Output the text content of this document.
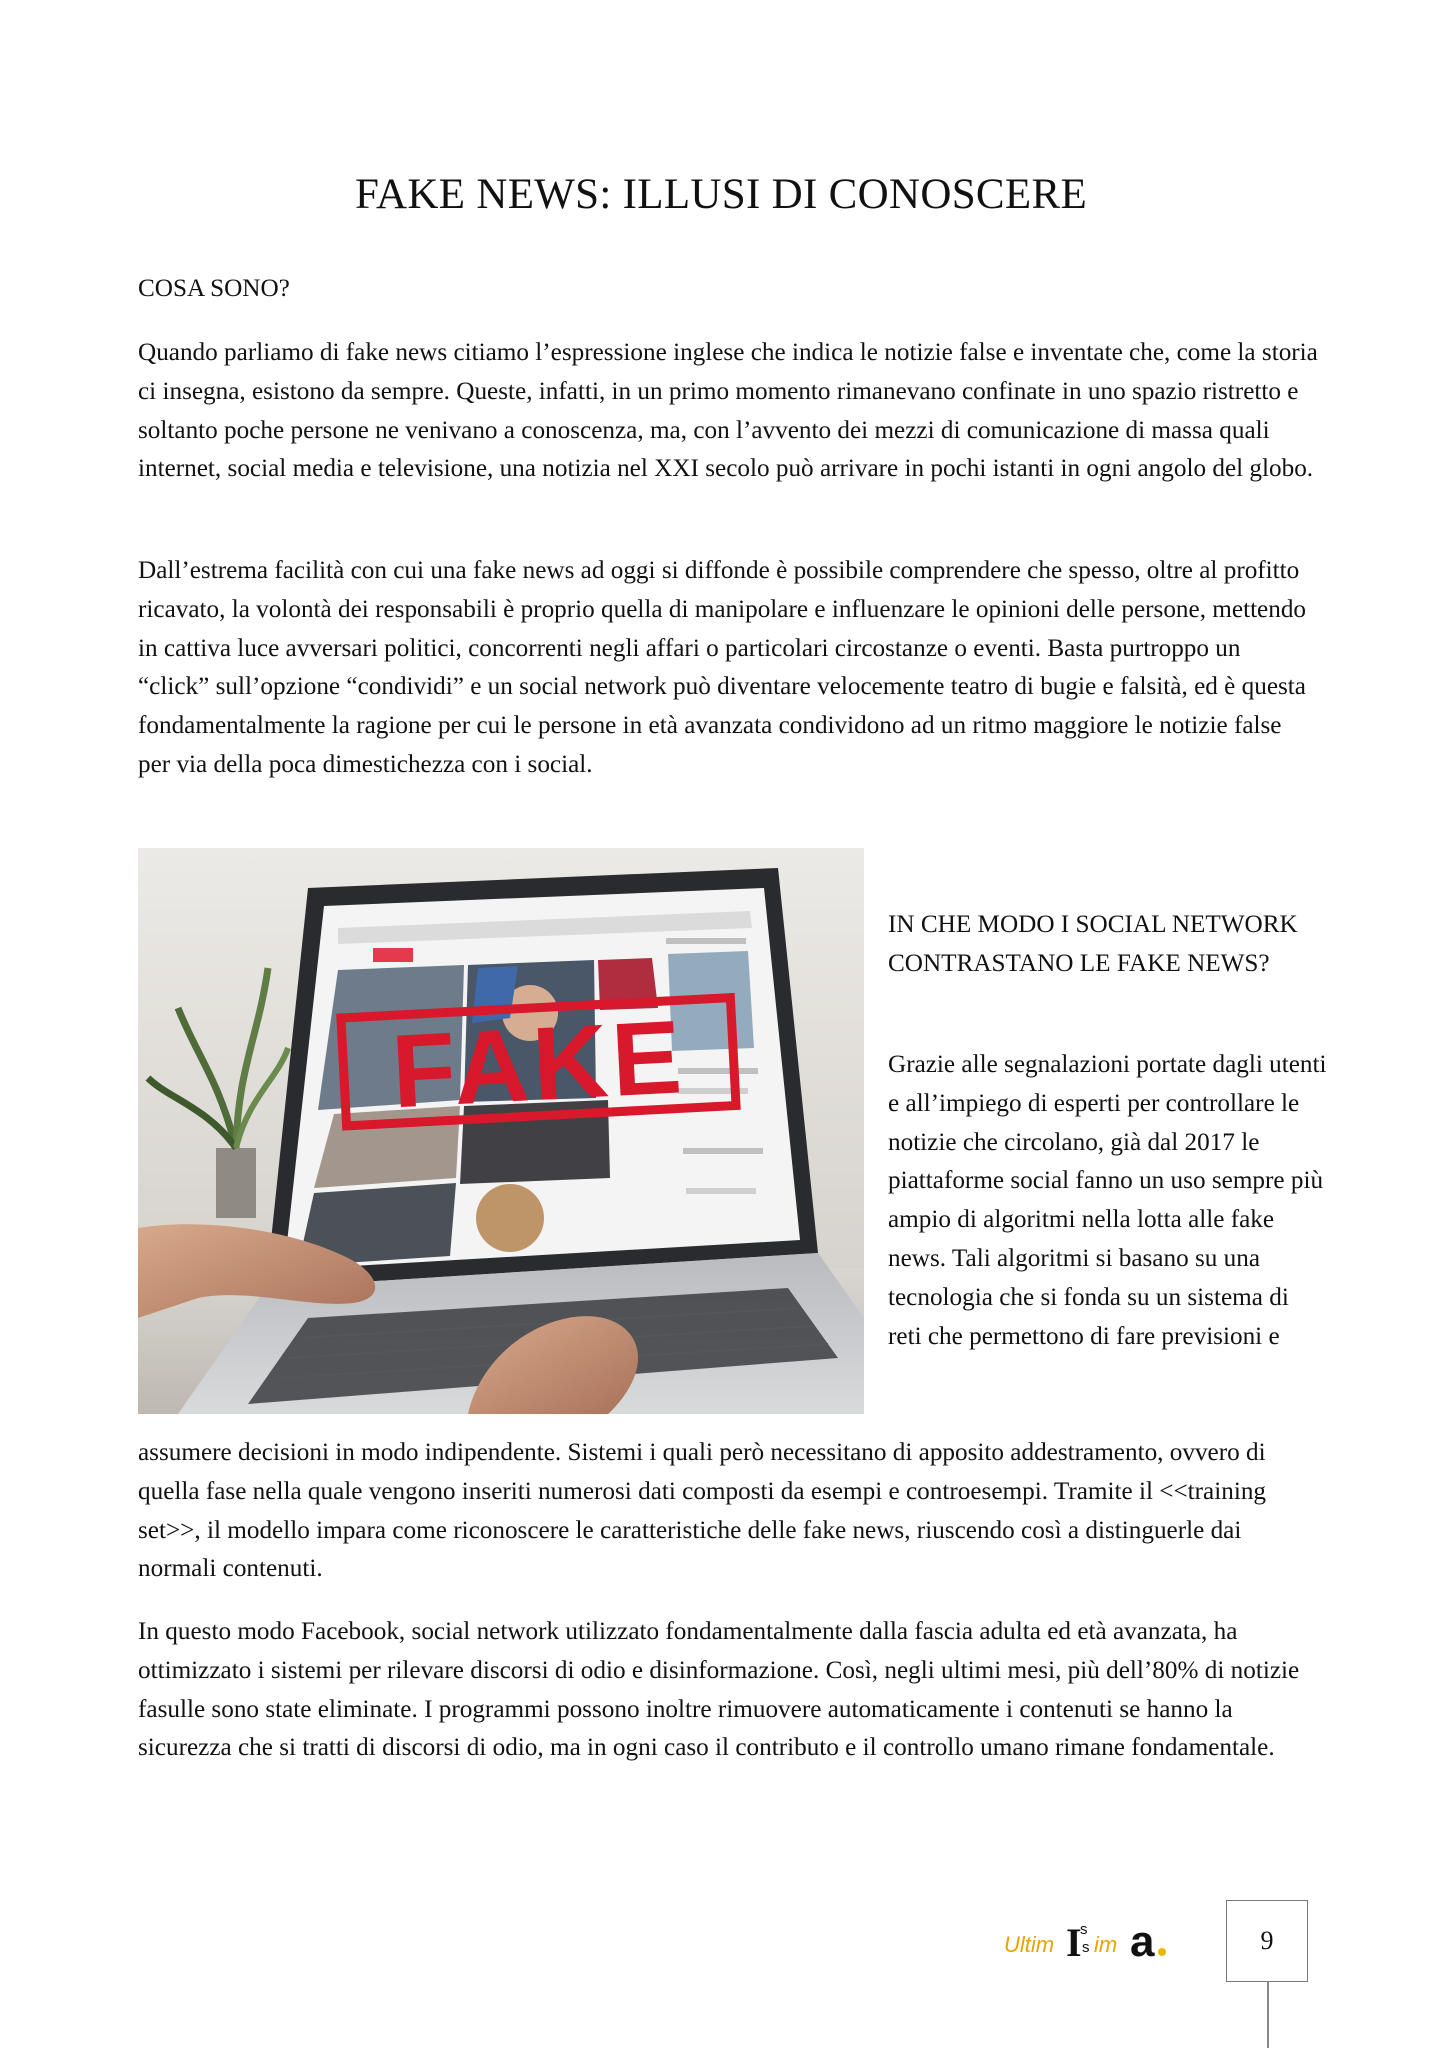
FAKE NEWS: ILLUSI DI CONOSCERE

COSA SONO?

Quando parliamo di fake news citiamo l’espressione inglese che indica le notizie false e inventate che, come la storia ci insegna, esistono da sempre. Queste, infatti, in un primo momento rimanevano confinate in uno spazio ristretto e soltanto poche persone ne venivano a conoscenza, ma, con l’avvento dei mezzi di comunicazione di massa quali internet, social media e televisione, una notizia nel XXI secolo può arrivare in pochi istanti in ogni angolo del globo.

Dall’estrema facilità con cui una fake news ad oggi si diffonde è possibile comprendere che spesso, oltre al profitto ricavato, la volontà dei responsabili è proprio quella di manipolare e influenzare le opinioni delle persone, mettendo in cattiva luce avversari politici, concorrenti negli affari o particolari circostanze o eventi. Basta purtroppo un “click” sull’opzione “condividi” e un social network può diventare velocemente teatro di bugie e falsità, ed è questa fondamentalmente la ragione per cui le persone in età avanzata condividono ad un ritmo maggiore le notizie false per via della poca dimestichezza con i social.

FAKE

IN CHE MODO I SOCIAL NETWORK CONTRASTANO LE FAKE NEWS?

Grazie alle segnalazioni portate dagli utenti e all’impiego di esperti per controllare le notizie che circolano, già dal 2017 le piattaforme social fanno un uso sempre più ampio di algoritmi nella lotta alle fake news. Tali algoritmi si basano su una tecnologia che si fonda su un sistema di reti che permettono di fare previsioni e

assumere decisioni in modo indipendente. Sistemi i quali però necessitano di apposito addestramento, ovvero di quella fase nella quale vengono inseriti numerosi dati composti da esempi e controesempi. Tramite il <<training set>>, il modello impara come riconoscere le caratteristiche delle fake news, riuscendo così a distinguerle dai normali contenuti.

In questo modo Facebook, social network utilizzato fondamentalmente dalla fascia adulta ed età avanzata, ha ottimizzato i sistemi per rilevare discorsi di odio e disinformazione. Così, negli ultimi mesi, più dell’80% di notizie fasulle sono state eliminate. I programmi possono inoltre rimuovere automaticamente i contenuti se hanno la sicurezza che si tratti di discorsi di odio, ma in ogni caso il contributo e il controllo umano rimane fondamentale.

Ultim I
s
s im a	9
